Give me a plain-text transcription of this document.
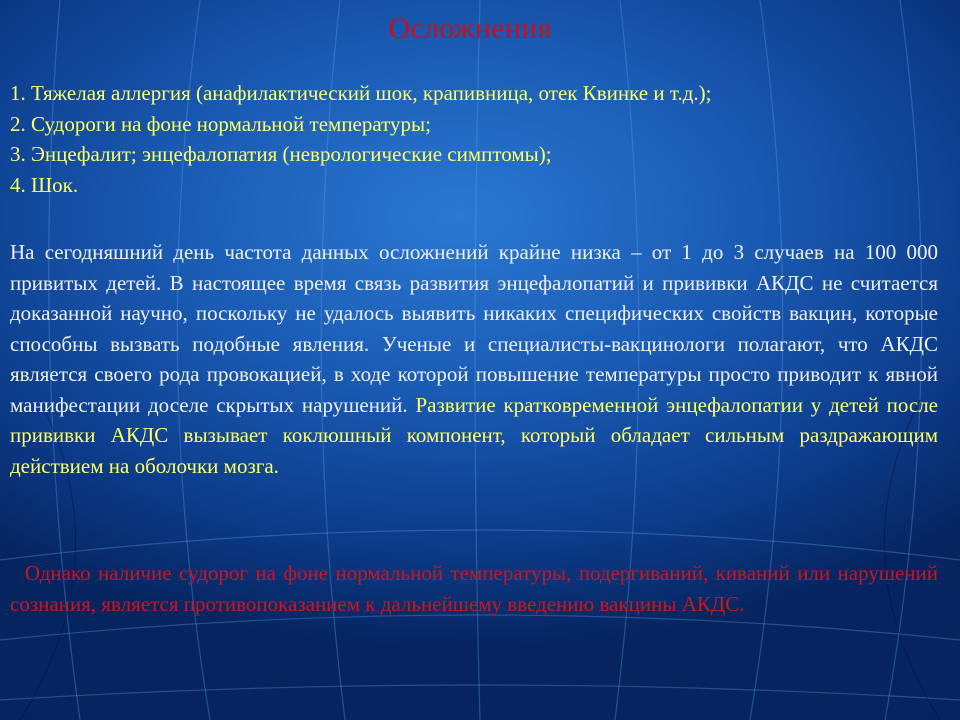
Осложнения
1. Тяжелая аллергия (анафилактический шок, крапивница, отек Квинке и т.д.);
2. Судороги на фоне нормальной температуры;
3. Энцефалит; энцефалопатия (неврологические симптомы);
4. Шок.
На сегодняшний день частота данных осложнений крайне низка – от 1 до 3 случаев на 100 000 привитых детей. В настоящее время связь развития энцефалопатий и прививки АКДС не считается доказанной научно, поскольку не удалось выявить никаких специфических свойств вакцин, которые способны вызвать подобные явления. Ученые и специалисты-вакцинологи полагают, что АКДС является своего рода провокацией, в ходе которой повышение температуры просто приводит к явной манифестации доселе скрытых нарушений. Развитие кратковременной энцефалопатии у детей после прививки АКДС вызывает коклюшный компонент, который обладает сильным раздражающим действием на оболочки мозга.
Однако наличие судорог на фоне нормальной температуры, подергиваний, киваний или нарушений сознания, является противопоказанием к дальнейшему введению вакцины АКДС.
